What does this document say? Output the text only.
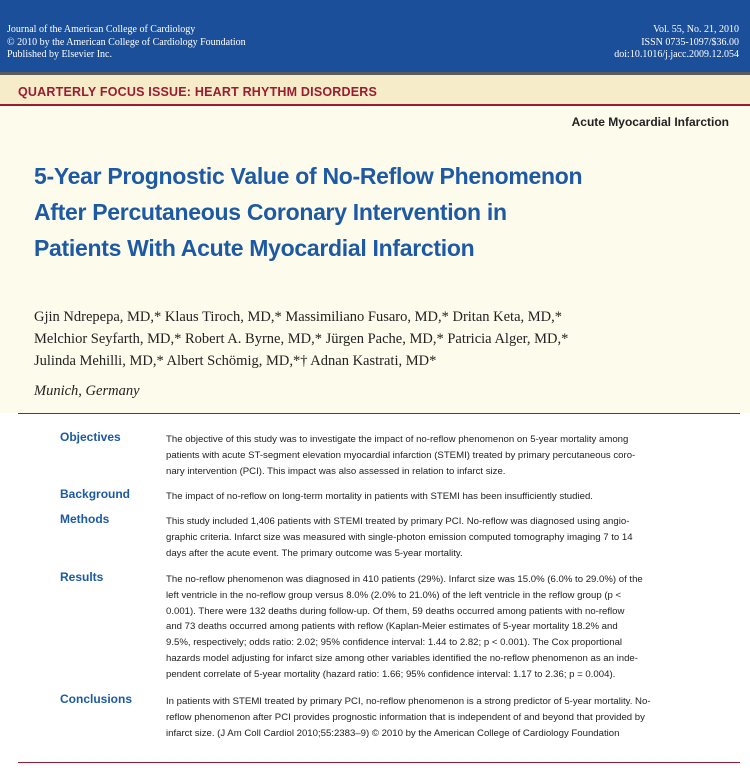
Journal of the American College of Cardiology
© 2010 by the American College of Cardiology Foundation
Published by Elsevier Inc.
Vol. 55, No. 21, 2010
ISSN 0735-1097/$36.00
doi:10.1016/j.jacc.2009.12.054
QUARTERLY FOCUS ISSUE: HEART RHYTHM DISORDERS
Acute Myocardial Infarction
5-Year Prognostic Value of No-Reflow Phenomenon
After Percutaneous Coronary Intervention in
Patients With Acute Myocardial Infarction
Gjin Ndrepepa, MD,* Klaus Tiroch, MD,* Massimiliano Fusaro, MD,* Dritan Keta, MD,*
Melchior Seyfarth, MD,* Robert A. Byrne, MD,* Jürgen Pache, MD,* Patricia Alger, MD,*
Julinda Mehilli, MD,* Albert Schömig, MD,*† Adnan Kastrati, MD*
Munich, Germany
Objectives	The objective of this study was to investigate the impact of no-reflow phenomenon on 5-year mortality among
patients with acute ST-segment elevation myocardial infarction (STEMI) treated by primary percutaneous coro-
nary intervention (PCI). This impact was also assessed in relation to infarct size.
Background	The impact of no-reflow on long-term mortality in patients with STEMI has been insufficiently studied.
Methods	This study included 1,406 patients with STEMI treated by primary PCI. No-reflow was diagnosed using angio-
graphic criteria. Infarct size was measured with single-photon emission computed tomography imaging 7 to 14
days after the acute event. The primary outcome was 5-year mortality.
Results	The no-reflow phenomenon was diagnosed in 410 patients (29%). Infarct size was 15.0% (6.0% to 29.0%) of the
left ventricle in the no-reflow group versus 8.0% (2.0% to 21.0%) of the left ventricle in the reflow group (p <
0.001). There were 132 deaths during follow-up. Of them, 59 deaths occurred among patients with no-reflow
and 73 deaths occurred among patients with reflow (Kaplan-Meier estimates of 5-year mortality 18.2% and
9.5%, respectively; odds ratio: 2.02; 95% confidence interval: 1.44 to 2.82; p < 0.001). The Cox proportional
hazards model adjusting for infarct size among other variables identified the no-reflow phenomenon as an inde-
pendent correlate of 5-year mortality (hazard ratio: 1.66; 95% confidence interval: 1.17 to 2.36; p = 0.004).
Conclusions	In patients with STEMI treated by primary PCI, no-reflow phenomenon is a strong predictor of 5-year mortality. No-
reflow phenomenon after PCI provides prognostic information that is independent of and beyond that provided by
infarct size. (J Am Coll Cardiol 2010;55:2383–9) © 2010 by the American College of Cardiology Foundation
